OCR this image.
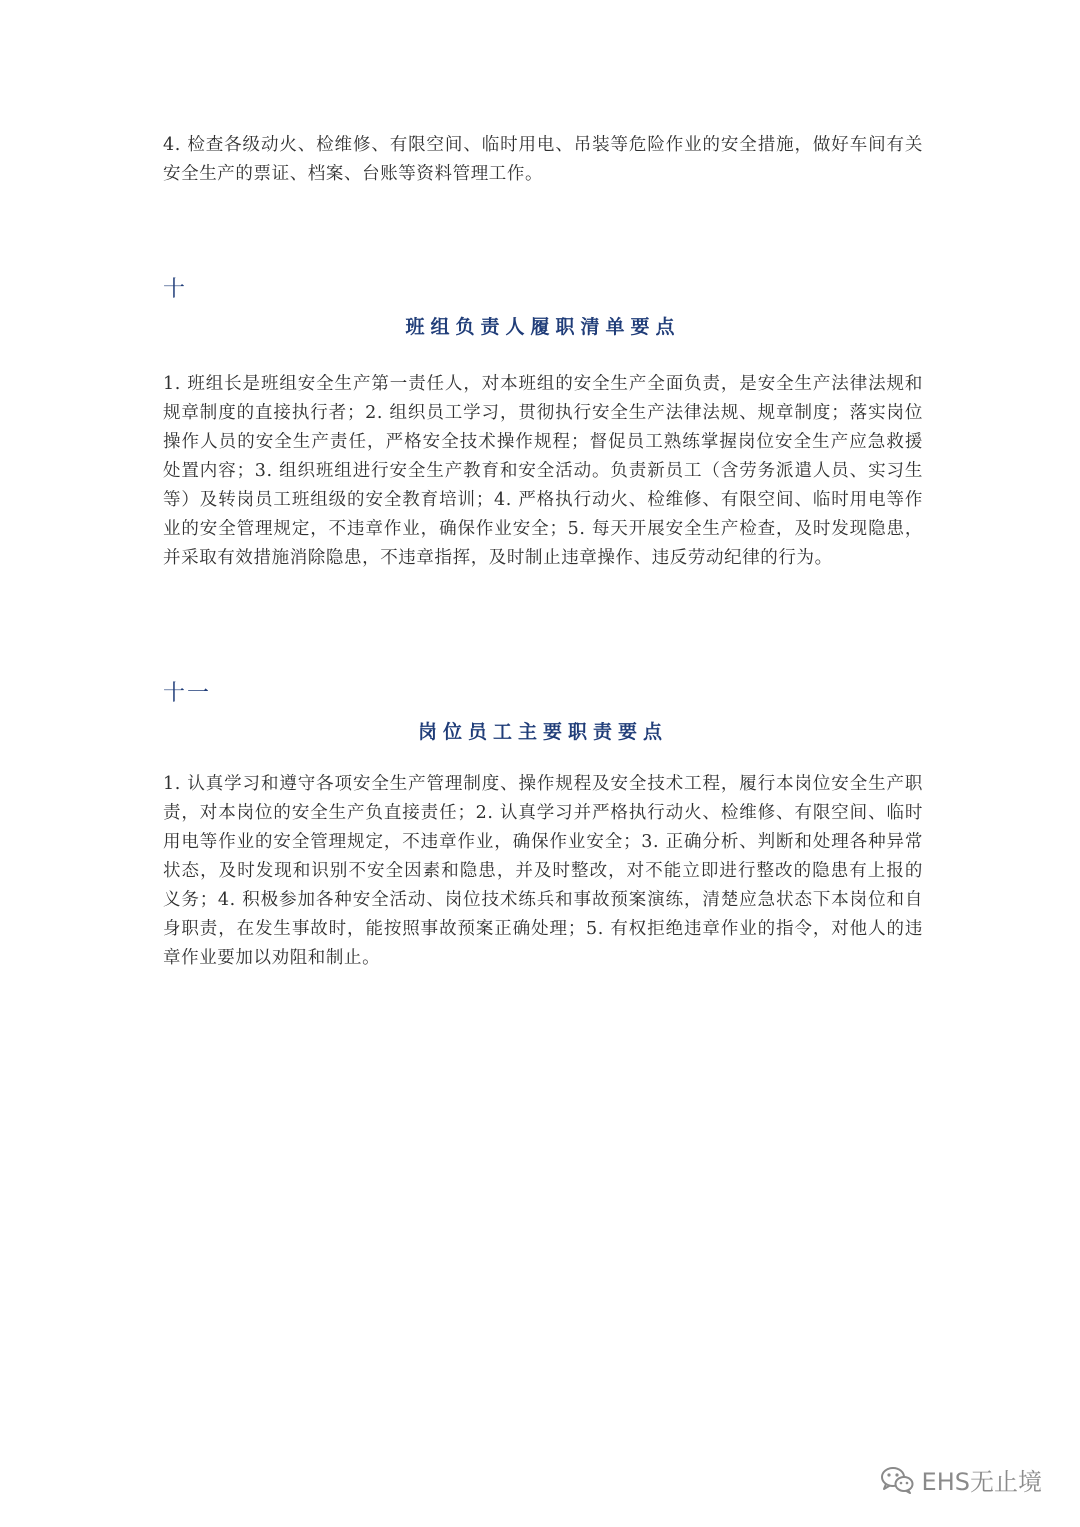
4. 检查各级动火、检维修、有限空间、临时用电、吊装等危险作业的安全措施，做好车间有关安全生产的票证、档案、台账等资料管理工作。

十

班组负责人履职清单要点

1. 班组长是班组安全生产第一责任人，对本班组的安全生产全面负责，是安全生产法律法规和规章制度的直接执行者；2. 组织员工学习，贯彻执行安全生产法律法规、规章制度；落实岗位操作人员的安全生产责任，严格安全技术操作规程；督促员工熟练掌握岗位安全生产应急救援处置内容；3. 组织班组进行安全生产教育和安全活动。负责新员工（含劳务派遣人员、实习生等）及转岗员工班组级的安全教育培训；4. 严格执行动火、检维修、有限空间、临时用电等作业的安全管理规定，不违章作业，确保作业安全；5. 每天开展安全生产检查，及时发现隐患，并采取有效措施消除隐患，不违章指挥，及时制止违章操作、违反劳动纪律的行为。

十一

岗位员工主要职责要点

1. 认真学习和遵守各项安全生产管理制度、操作规程及安全技术工程，履行本岗位安全生产职责，对本岗位的安全生产负直接责任；2. 认真学习并严格执行动火、检维修、有限空间、临时用电等作业的安全管理规定，不违章作业，确保作业安全；3. 正确分析、判断和处理各种异常状态，及时发现和识别不安全因素和隐患，并及时整改，对不能立即进行整改的隐患有上报的义务；4. 积极参加各种安全活动、岗位技术练兵和事故预案演练，清楚应急状态下本岗位和自身职责，在发生事故时，能按照事故预案正确处理；5. 有权拒绝违章作业的指令，对他人的违章作业要加以劝阻和制止。

EHS无止境
